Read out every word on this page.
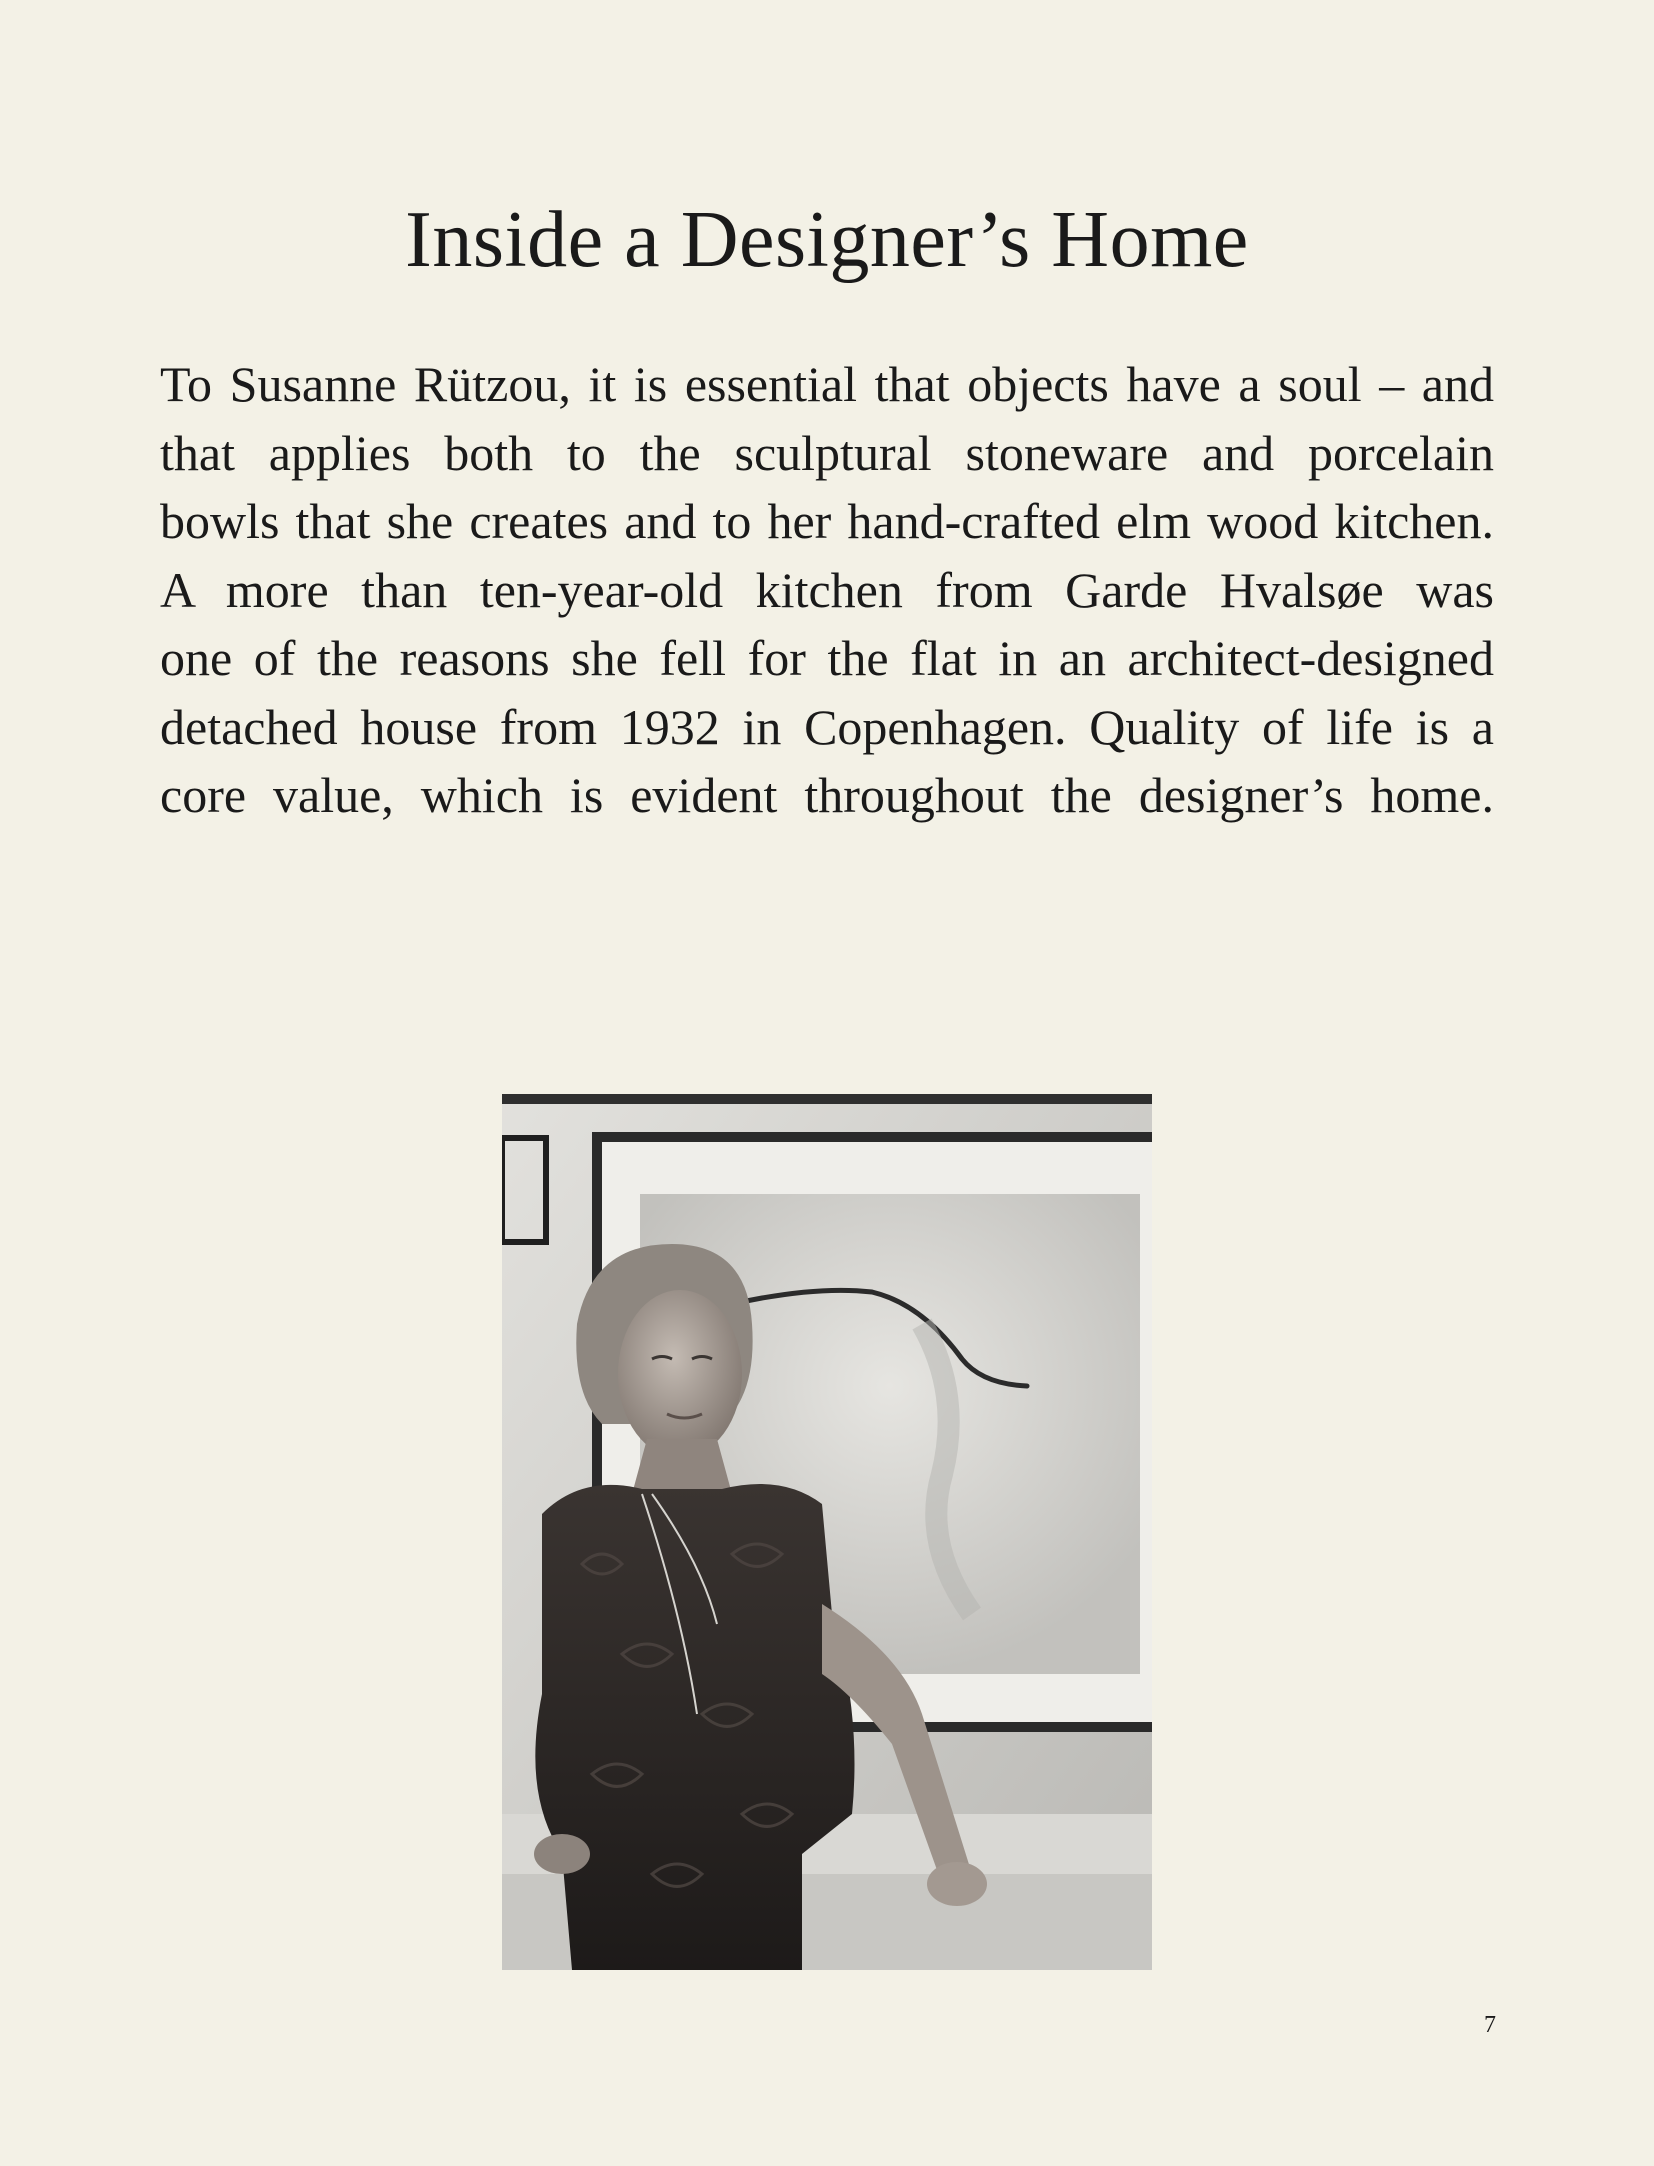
Inside a Designer’s Home

To Susanne Rützou, it is essential that objects have a soul – and
that applies both to the sculptural stoneware and porcelain
bowls that she creates and to her hand-crafted elm wood kitchen.
A more than ten-year-old kitchen from Garde Hvalsøe was
one of the reasons she fell for the flat in an architect-designed
detached house from 1932 in Copenhagen. Quality of life is a
core value, which is evident throughout the designer’s home.

7
